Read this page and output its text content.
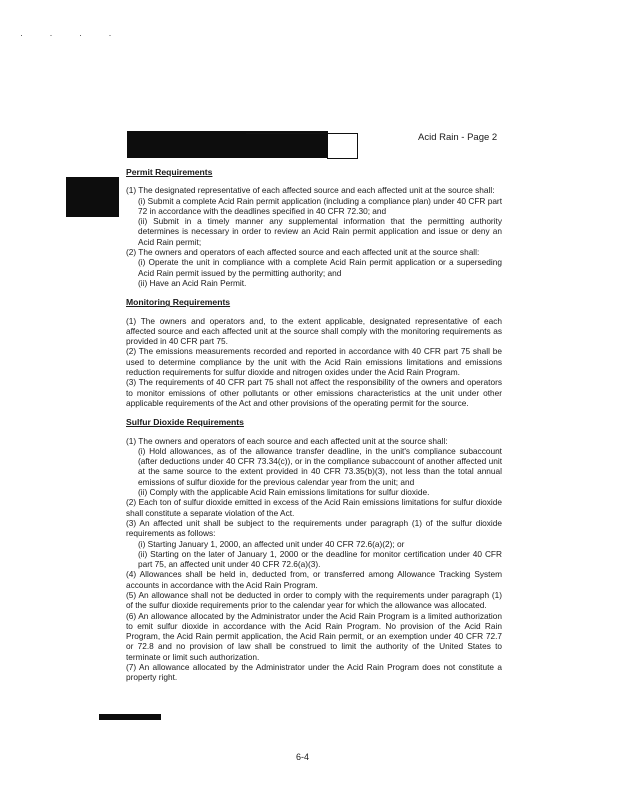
· · · ·
Acid Rain - Page 2
Permit Requirements

(1) The designated representative of each affected source and each affected unit at the source shall:

(i) Submit a complete Acid Rain permit application (including a compliance plan) under 40 CFR part 72 in accordance with the deadlines specified in 40 CFR 72.30; and

(ii) Submit in a timely manner any supplemental information that the permitting authority determines is necessary in order to review an Acid Rain permit application and issue or deny an Acid Rain permit;

(2) The owners and operators of each affected source and each affected unit at the source shall:

(i) Operate the unit in compliance with a complete Acid Rain permit application or a superseding Acid Rain permit issued by the permitting authority; and

(ii) Have an Acid Rain Permit.

Monitoring Requirements

(1) The owners and operators and, to the extent applicable, designated representative of each affected source and each affected unit at the source shall comply with the monitoring requirements as provided in 40 CFR part 75.

(2) The emissions measurements recorded and reported in accordance with 40 CFR part 75 shall be used to determine compliance by the unit with the Acid Rain emissions limitations and emissions reduction requirements for sulfur dioxide and nitrogen oxides under the Acid Rain Program.

(3) The requirements of 40 CFR part 75 shall not affect the responsibility of the owners and operators to monitor emissions of other pollutants or other emissions characteristics at the unit under other applicable requirements of the Act and other provisions of the operating permit for the source.

Sulfur Dioxide Requirements

(1) The owners and operators of each source and each affected unit at the source shall:

(i) Hold allowances, as of the allowance transfer deadline, in the unit's compliance subaccount (after deductions under 40 CFR 73.34(c)), or in the compliance subaccount of another affected unit at the same source to the extent provided in 40 CFR 73.35(b)(3), not less than the total annual emissions of sulfur dioxide for the previous calendar year from the unit; and

(ii) Comply with the applicable Acid Rain emissions limitations for sulfur dioxide.

(2) Each ton of sulfur dioxide emitted in excess of the Acid Rain emissions limitations for sulfur dioxide shall constitute a separate violation of the Act.

(3) An affected unit shall be subject to the requirements under paragraph (1) of the sulfur dioxide requirements as follows:

(i) Starting January 1, 2000, an affected unit under 40 CFR 72.6(a)(2); or

(ii) Starting on the later of January 1, 2000 or the deadline for monitor certification under 40 CFR part 75, an affected unit under 40 CFR 72.6(a)(3).

(4) Allowances shall be held in, deducted from, or transferred among Allowance Tracking System accounts in accordance with the Acid Rain Program.

(5) An allowance shall not be deducted in order to comply with the requirements under paragraph (1) of the sulfur dioxide requirements prior to the calendar year for which the allowance was allocated.

(6) An allowance allocated by the Administrator under the Acid Rain Program is a limited authorization to emit sulfur dioxide in accordance with the Acid Rain Program. No provision of the Acid Rain Program, the Acid Rain permit application, the Acid Rain permit, or an exemption under 40 CFR 72.7 or 72.8 and no provision of law shall be construed to limit the authority of the United States to terminate or limit such authorization.

(7) An allowance allocated by the Administrator under the Acid Rain Program does not constitute a property right.

6-4
